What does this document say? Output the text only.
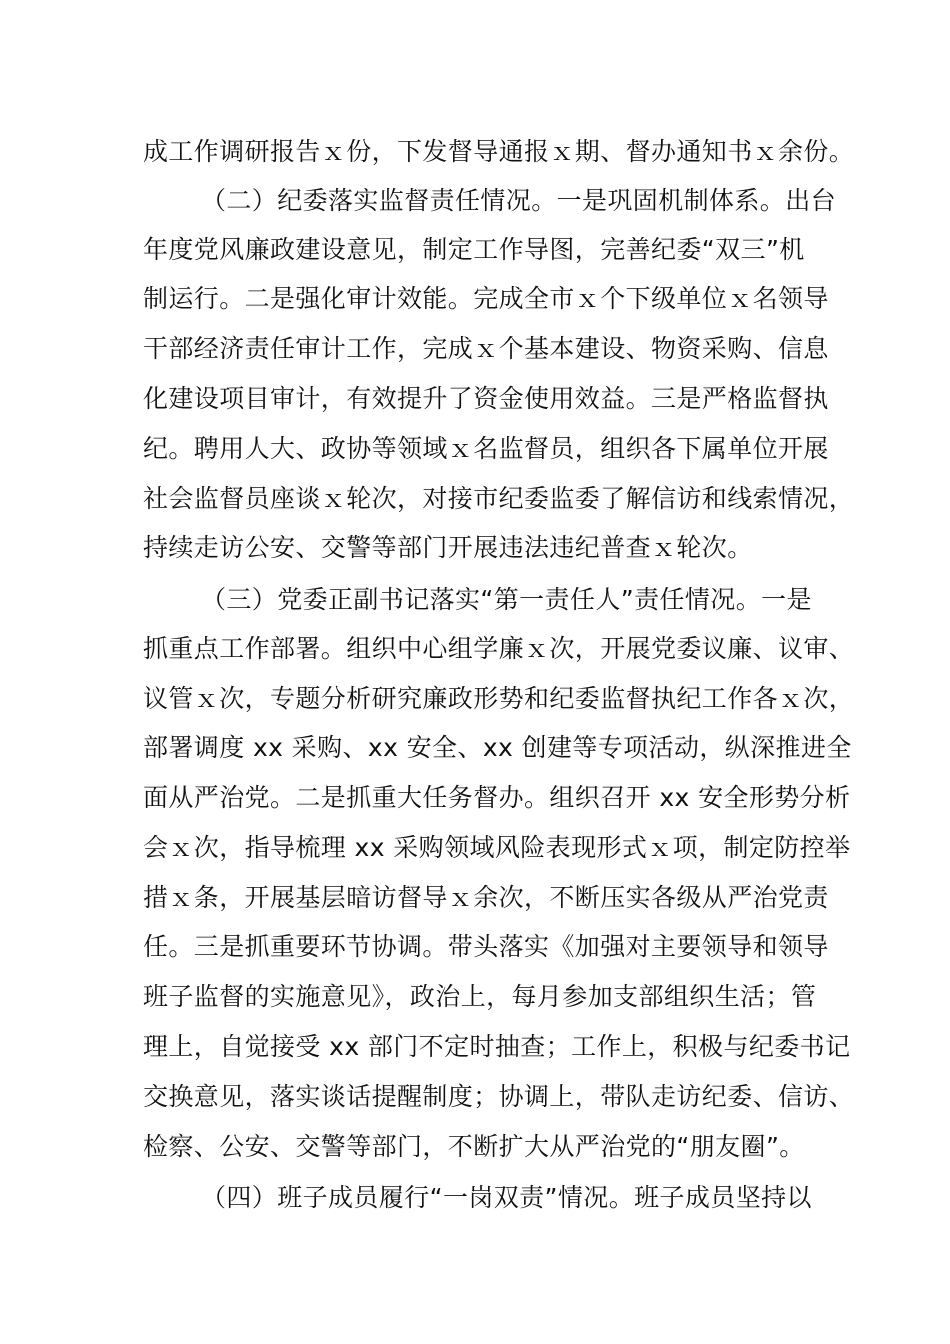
成工作调研报告ｘ份，下发督导通报ｘ期、督办通知书ｘ余份。
（二）纪委落实监督责任情况。一是巩固机制体系。出台
年度党风廉政建设意见，制定工作导图，完善纪委“双三”机
制运行。二是强化审计效能。完成全市ｘ个下级单位ｘ名领导
干部经济责任审计工作，完成ｘ个基本建设、物资采购、信息
化建设项目审计，有效提升了资金使用效益。三是严格监督执
纪。聘用人大、政协等领域ｘ名监督员，组织各下属单位开展
社会监督员座谈ｘ轮次，对接市纪委监委了解信访和线索情况，
持续走访公安、交警等部门开展违法违纪普查ｘ轮次。
（三）党委正副书记落实“第一责任人”责任情况。一是
抓重点工作部署。组织中心组学廉ｘ次，开展党委议廉、议审、
议管ｘ次，专题分析研究廉政形势和纪委监督执纪工作各ｘ次，
部署调度 xx 采购、xx 安全、xx 创建等专项活动，纵深推进全
面从严治党。二是抓重大任务督办。组织召开 xx 安全形势分析
会ｘ次，指导梳理 xx 采购领域风险表现形式ｘ项，制定防控举
措ｘ条，开展基层暗访督导ｘ余次，不断压实各级从严治党责
任。三是抓重要环节协调。带头落实《加强对主要领导和领导
班子监督的实施意见》，政治上，每月参加支部组织生活；管
理上，自觉接受 xx 部门不定时抽查；工作上，积极与纪委书记
交换意见，落实谈话提醒制度；协调上，带队走访纪委、信访、
检察、公安、交警等部门，不断扩大从严治党的“朋友圈”。
（四）班子成员履行“一岗双责”情况。班子成员坚持以
